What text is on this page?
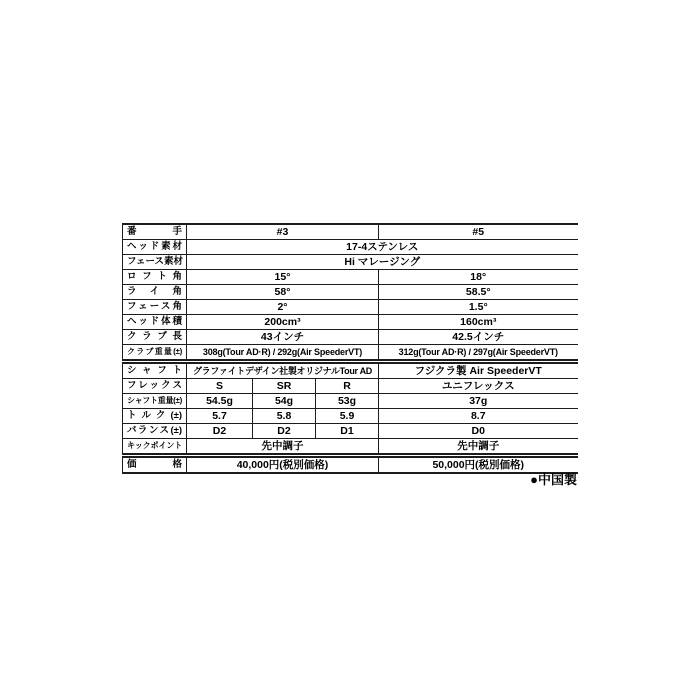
番手	#3			#5
ヘッド素材	17-4ステンレス			
フェース素材	Hi マレージング			
ロフト角	15°			18°
ライ角	58°			58.5°
フェース角	2°			1.5°
ヘッド体積	200cm³			160cm³
クラブ長	43インチ			42.5インチ
クラブ重量(±)	308g(Tour AD·R) / 292g(Air SpeederVT)			312g(Tour AD·R) / 297g(Air SpeederVT)
シャフト	グラファイトデザイン社製オリジナルTour AD			フジクラ製 Air SpeederVT
フレックス	S	SR	R	ユニフレックス
シャフト重量(±)	54.5g	54g	53g	37g
トルク(±)	5.7	5.8	5.9	8.7
バランス(±)	D2	D2	D1	D0
キックポイント	先中調子			先中調子
価格	40,000円(税別価格)			50,000円(税別価格)
●中国製
